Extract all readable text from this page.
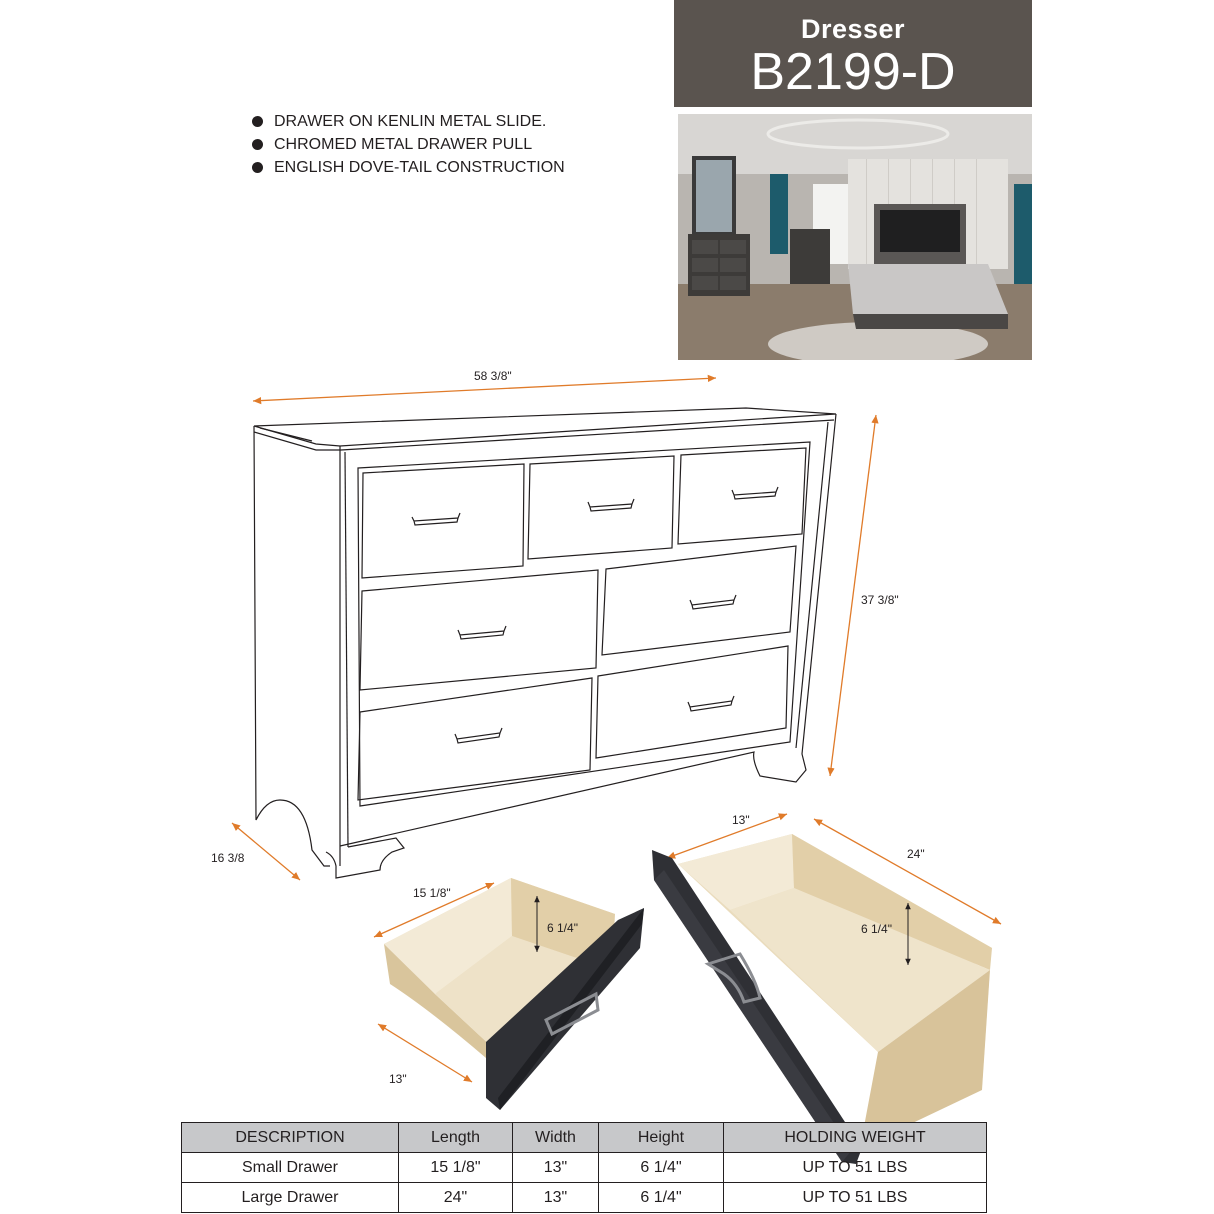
Dresser
B2199-D
DRAWER ON KENLIN METAL SLIDE.
CHROMED METAL DRAWER PULL
ENGLISH DOVE-TAIL CONSTRUCTION
58 3/8"
37 3/8"
16 3/8
15 1/8"
6 1/4"
13"
13"
24"
6 1/4"
DESCRIPTION	Length	Width	Height	HOLDING WEIGHT
Small Drawer	15 1/8"	13"	6 1/4"	UP TO 51 LBS
Large Drawer	24"	13"	6 1/4"	UP TO 51 LBS
